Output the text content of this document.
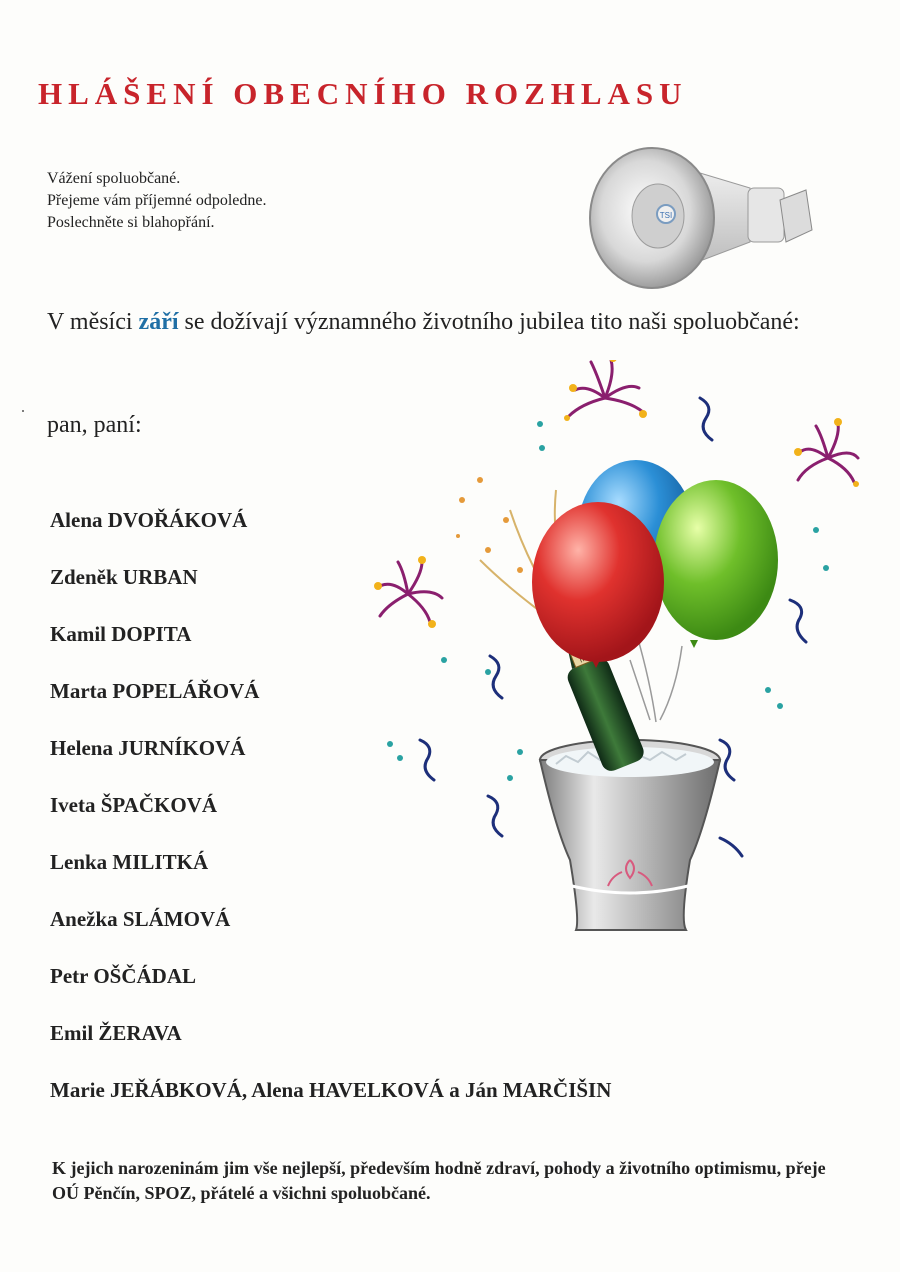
HLÁŠENÍ OBECNÍHO ROZHLASU
Vážení spoluobčané.
Přejeme vám příjemné odpoledne.
Poslechněte si blahopřání.	TSI

V měsíci září se dožívají významného životního jubilea tito naši spoluobčané:

pan, paní:

Alena DVOŘÁKOVÁ
Zdeněk URBAN
Kamil DOPITA
Marta POPELÁŘOVÁ
Helena JURNÍKOVÁ
Iveta ŠPAČKOVÁ
Lenka MILITKÁ
Anežka SLÁMOVÁ
Petr OŠČÁDAL
Emil ŽERAVA
Marie JEŘÁBKOVÁ, Alena HAVELKOVÁ a Ján MARČIŠIN

K jejich narozeninám jim vše nejlepší, především hodně zdraví, pohody a životního optimismu, přeje OÚ Pěnčín, SPOZ, přátelé a všichni spoluobčané.
